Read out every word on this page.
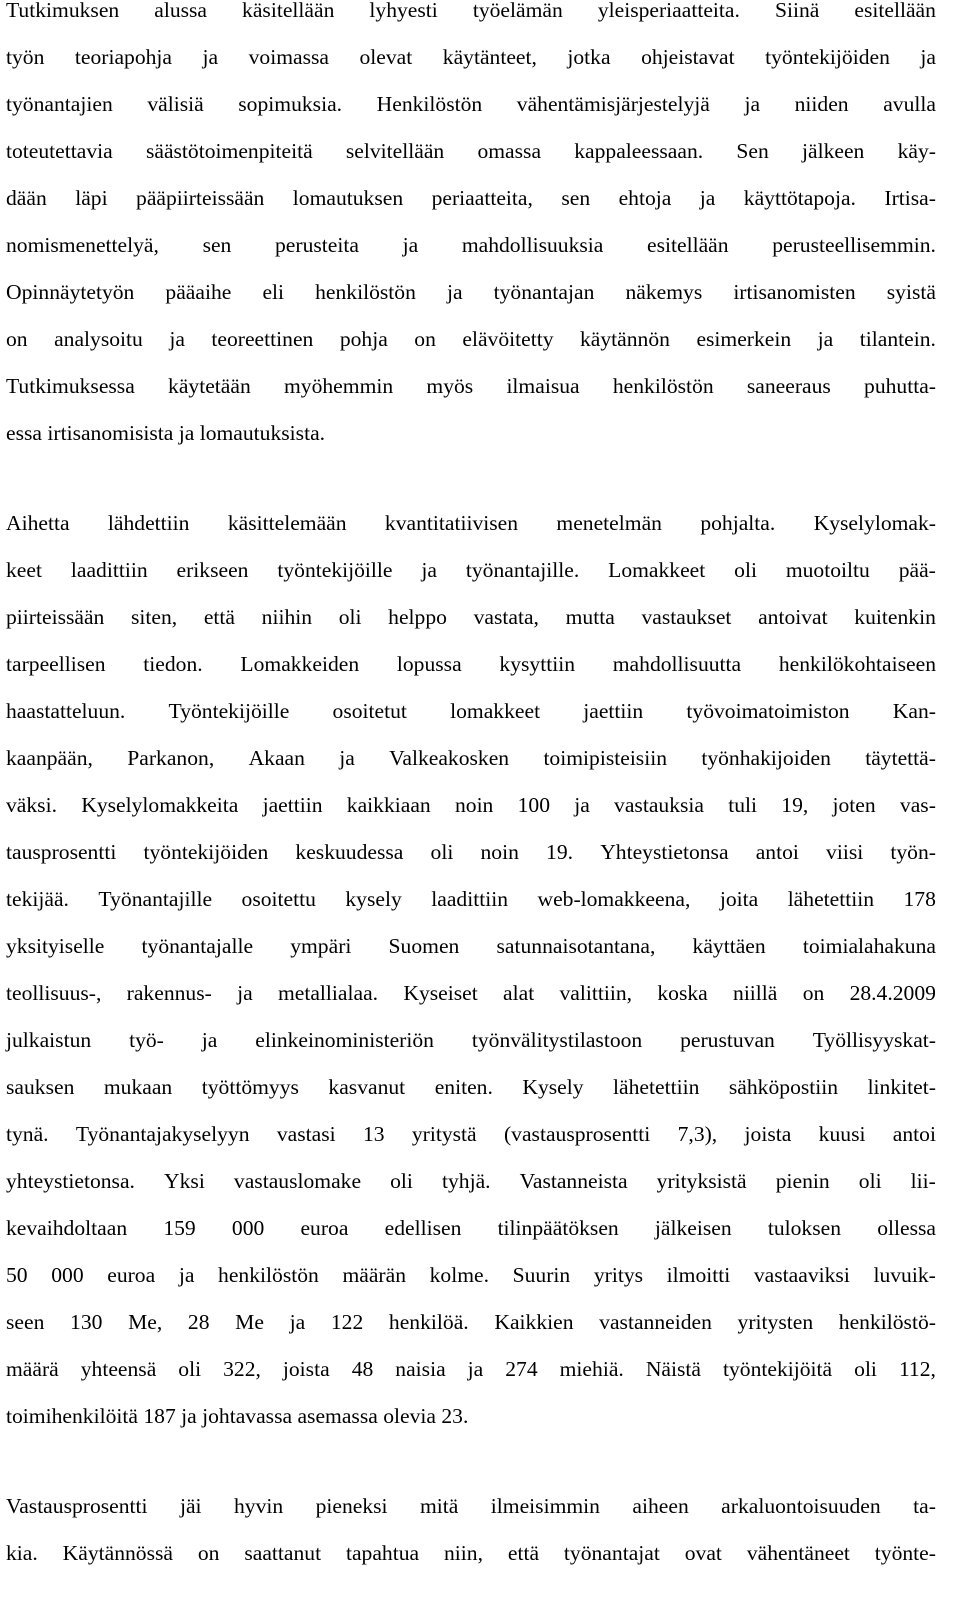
Tutkimuksen alussa käsitellään lyhyesti työelämän yleisperiaatteita. Siinä esitellään
työn teoriapohja ja voimassa olevat käytänteet, jotka ohjeistavat työntekijöiden ja
työnantajien välisiä sopimuksia. Henkilöstön vähentämisjärjestelyjä ja niiden avulla
toteutettavia säästötoimenpiteitä selvitellään omassa kappaleessaan. Sen jälkeen käy-
dään läpi pääpiirteissään lomautuksen periaatteita, sen ehtoja ja käyttötapoja. Irtisa-
nomismenettelyä, sen perusteita ja mahdollisuuksia esitellään perusteellisemmin.
Opinnäytetyön pääaihe eli henkilöstön ja työnantajan näkemys irtisanomisten syistä
on analysoitu ja teoreettinen pohja on elävöitetty käytännön esimerkein ja tilantein.
Tutkimuksessa käytetään myöhemmin myös ilmaisua henkilöstön saneeraus puhutta-
essa irtisanomisista ja lomautuksista.
Aihetta lähdettiin käsittelemään kvantitatiivisen menetelmän pohjalta. Kyselylomak-
keet laadittiin erikseen työntekijöille ja työnantajille. Lomakkeet oli muotoiltu pää-
piirteissään siten, että niihin oli helppo vastata, mutta vastaukset antoivat kuitenkin
tarpeellisen tiedon. Lomakkeiden lopussa kysyttiin mahdollisuutta henkilökohtaiseen
haastatteluun. Työntekijöille osoitetut lomakkeet jaettiin työvoimatoimiston Kan-
kaanpään, Parkanon, Akaan ja Valkeakosken toimipisteisiin työnhakijoiden täytettä-
väksi. Kyselylomakkeita jaettiin kaikkiaan noin 100 ja vastauksia tuli 19, joten vas-
tausprosentti työntekijöiden keskuudessa oli noin 19. Yhteystietonsa antoi viisi työn-
tekijää. Työnantajille osoitettu kysely laadittiin web-lomakkeena, joita lähetettiin 178
yksityiselle työnantajalle ympäri Suomen satunnaisotantana, käyttäen toimialahakuna
teollisuus-, rakennus- ja metallialaa. Kyseiset alat valittiin, koska niillä on 28.4.2009
julkaistun työ- ja elinkeinoministeriön työnvälitystilastoon perustuvan Työllisyyskat-
sauksen mukaan työttömyys kasvanut eniten. Kysely lähetettiin sähköpostiin linkitet-
tynä. Työnantajakyselyyn vastasi 13 yritystä (vastausprosentti 7,3), joista kuusi antoi
yhteystietonsa. Yksi vastauslomake oli tyhjä. Vastanneista yrityksistä pienin oli lii-
kevaihdoltaan 159 000 euroa edellisen tilinpäätöksen jälkeisen tuloksen ollessa
50 000 euroa ja henkilöstön määrän kolme. Suurin yritys ilmoitti vastaaviksi luvuik-
seen 130 Me, 28 Me ja 122 henkilöä. Kaikkien vastanneiden yritysten henkilöstö-
määrä yhteensä oli 322, joista 48 naisia ja 274 miehiä. Näistä työntekijöitä oli 112,
toimihenkilöitä 187 ja johtavassa asemassa olevia 23.
Vastausprosentti jäi hyvin pieneksi mitä ilmeisimmin aiheen arkaluontoisuuden ta-
kia. Käytännössä on saattanut tapahtua niin, että työnantajat ovat vähentäneet työnte-
